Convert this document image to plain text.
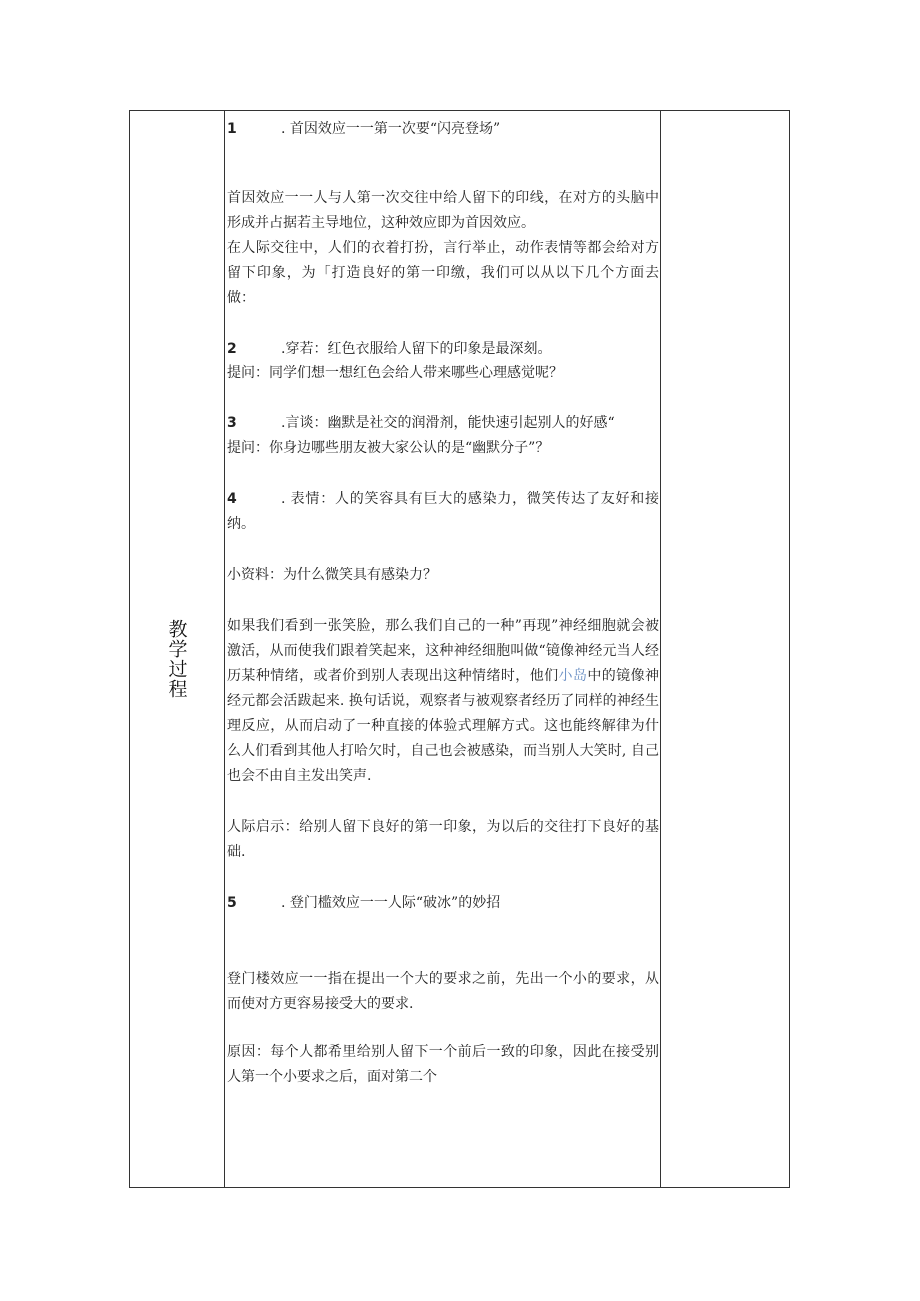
教学过程
1	. 首因效应一一第一次要“闪亮登场”
首因效应一一人与人第一次交往中给人留下的印线，在对方的头脑中形成并占据若主导地位，这种效应即为首因效应。
在人际交往中，人们的衣着打扮，言行举止，动作表情等都会给对方留下印象，为「打造良好的第一印缴，我们可以从以下几个方面去做：
2	.穿若：红色衣服给人留下的印象是最深刻。
提问：同学们想一想红色会给人带来哪些心理感觉呢？
3	.言谈：幽默是社交的润滑剂，能快速引起别人的好感“
提问：你身边哪些朋友被大家公认的是“幽默分子”？
4	. 表情：人的笑容具有巨大的感染力，微笑传达了友好和接纳。
小资料：为什么微笑具有感染力？
如果我们看到一张笑脸，那么我们自己的一种”再现”神经细胞就会被激活，从而使我们跟着笑起来，这种神经细胞叫做“镜像神经元当人经历某种情绪，或者价到别人表现出这种情绪时，他们小岛中的镜像神经元都会活跋起来. 换句话说，观察者与被观察者经历了同样的神经生理反应，从而启动了一种直接的体验式理解方式。这也能终解律为什么人们看到其他人打哈欠时，自己也会被感染，而当别人大笑时, 自己也会不由自主发出笑声.
人际启示：给别人留下良好的第一印象，为以后的交往打下良好的基础.
5	. 登门槛效应一一人际“破冰”的妙招
登门楼效应一一指在提出一个大的要求之前，先出一个小的要求，从而使对方更容易接受大的要求.
原因：每个人都希里给别人留下一个前后一致的印象，因此在接受别人第一个小要求之后，面对第二个
